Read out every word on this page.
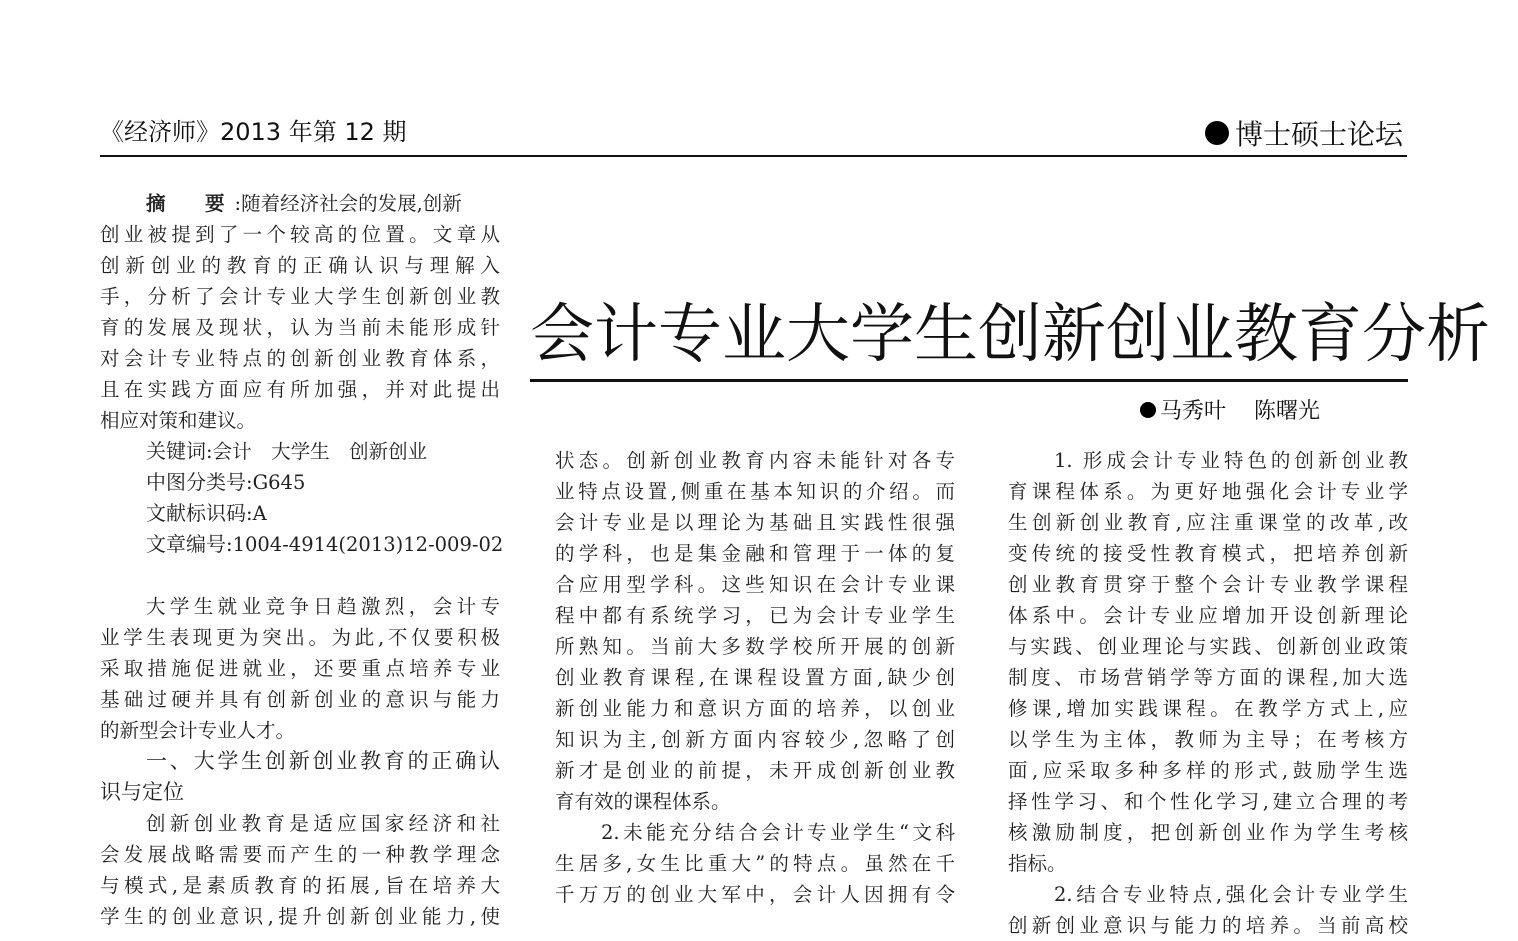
《经济师》2013 年第 12 期	博士硕士论坛
会 计 专 业 大 学 生 创 新 创 业 教 育 分 析
马秀叶 陈曙光
摘　要:随着经济社会的发展,创新
创业被提到了一个较高的位置。文章从
创新创业的教育的正确认识与理解入
手，分析了会计专业大学生创新创业教
育的发展及现状，认为当前未能形成针
对会计专业特点的创新创业教育体系，
且在实践方面应有所加强，并对此提出
相应对策和建议。
关键词:会计　大学生　创新创业
中图分类号:G645
文献标识码:A
文章编号:1004-4914(2013)12-009-02
大学生就业竞争日趋激烈，会计专
业学生表现更为突出。为此,不仅要积极
采取措施促进就业，还要重点培养专业
基础过硬并具有创新创业的意识与能力
的新型会计专业人才。
一、大学生创新创业教育的正确认
识与定位
创新创业教育是适应国家经济和社
会发展战略需要而产生的一种教学理念
与模式,是素质教育的拓展,旨在培养大
学生的创业意识,提升创新创业能力,使
状态。创新创业教育内容未能针对各专
业特点设置,侧重在基本知识的介绍。而
会计专业是以理论为基础且实践性很强
的学科，也是集金融和管理于一体的复
合应用型学科。这些知识在会计专业课
程中都有系统学习，已为会计专业学生
所熟知。当前大多数学校所开展的创新
创业教育课程,在课程设置方面,缺少创
新创业能力和意识方面的培养，以创业
知识为主,创新方面内容较少,忽略了创
新才是创业的前提，未开成创新创业教
育有效的课程体系。
2.未能充分结合会计专业学生“文科
生居多,女生比重大”的特点。虽然在千
千万万的创业大军中，会计人因拥有令
1. 形成会计专业特色的创新创业教
育课程体系。为更好地强化会计专业学
生创新创业教育,应注重课堂的改革,改
变传统的接受性教育模式，把培养创新
创业教育贯穿于整个会计专业教学课程
体系中。会计专业应增加开设创新理论
与实践、创业理论与实践、创新创业政策
制度、市场营销学等方面的课程,加大选
修课,增加实践课程。在教学方式上,应
以学生为主体，教师为主导；在考核方
面,应采取多种多样的形式,鼓励学生选
择性学习、和个性化学习,建立合理的考
核激励制度，把创新创业作为学生考核
指标。
2.结合专业特点,强化会计专业学生
创新创业意识与能力的培养。当前高校
